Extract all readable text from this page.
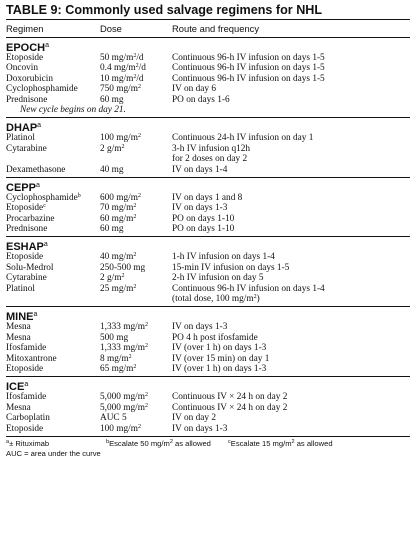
TABLE 9: Commonly used salvage regimens for NHL
Regimen	Dose	Route and frequency
EPOCH$^a$
Etoposide	50 $mg/m^2/d$	Continuous 96-h IV infusion on days 1-5
Oncovin	0.4 $mg/m^2/d$	Continuous 96-h IV infusion on days 1-5
Doxorubicin	10 $mg/m^2/d$	Continuous 96-h IV infusion on days 1-5
Cyclophosphamide	750 $mg/m^2$	IV on day 6
Prednisone	60 mg	PO on days 1-6
New cycle begins on day 21.
DHAP$^a$
Platinol	100 $mg/m^2$	Continuous 24-h IV infusion on day 1
Cytarabine	2 $g/m^2$	3-h IV infusion q12h
for 2 doses on day 2
Dexamethasone	40 mg	IV on days 1-4
CEPP$^a$
Cyclophosphamide$^b$	600 $mg/m^2$	IV on days 1 and 8
Etoposide$^c$	70 $mg/m^2$	IV on days 1-3
Procarbazine	60 $mg/m^2$	PO on days 1-10
Prednisone	60 mg	PO on days 1-10
ESHAP$^a$
Etoposide	40 $mg/m^2$	1-h IV infusion on days 1-4
Solu-Medrol	250-500 mg	15-min IV infusion on days 1-5
Cytarabine	2 $g/m^2$	2-h IV infusion on day 5
Platinol	25 $mg/m^2$	Continuous 96-h IV infusion on days 1-4
(total dose, 100 $mg/m^2$)
MINE$^a$
Mesna	1,333 $mg/m^2$	IV on days 1-3
Mesna	500 mg	PO 4 h post ifosfamide
Ifosfamide	1,333 $mg/m^2$	IV (over 1 h) on days 1-3
Mitoxantrone	8 $mg/m^2$	IV (over 15 min) on day 1
Etoposide	65 $mg/m^2$	IV (over 1 h) on days 1-3
ICE$^a$
Ifosfamide	5,000 $mg/m^2$	Continuous IV × 24 h on day 2
Mesna	5,000 $mg/m^2$	Continuous IV × 24 h on day 2
Carboplatin	AUC 5	IV on day 2
Etoposide	100 $mg/m^2$	IV on days 1-3
$^a$± Rituximab	$^b$Escalate 50 $mg/m^2$ as allowed	$^c$Escalate 15 $mg/m^2$ as allowed
AUC = area under the curve
